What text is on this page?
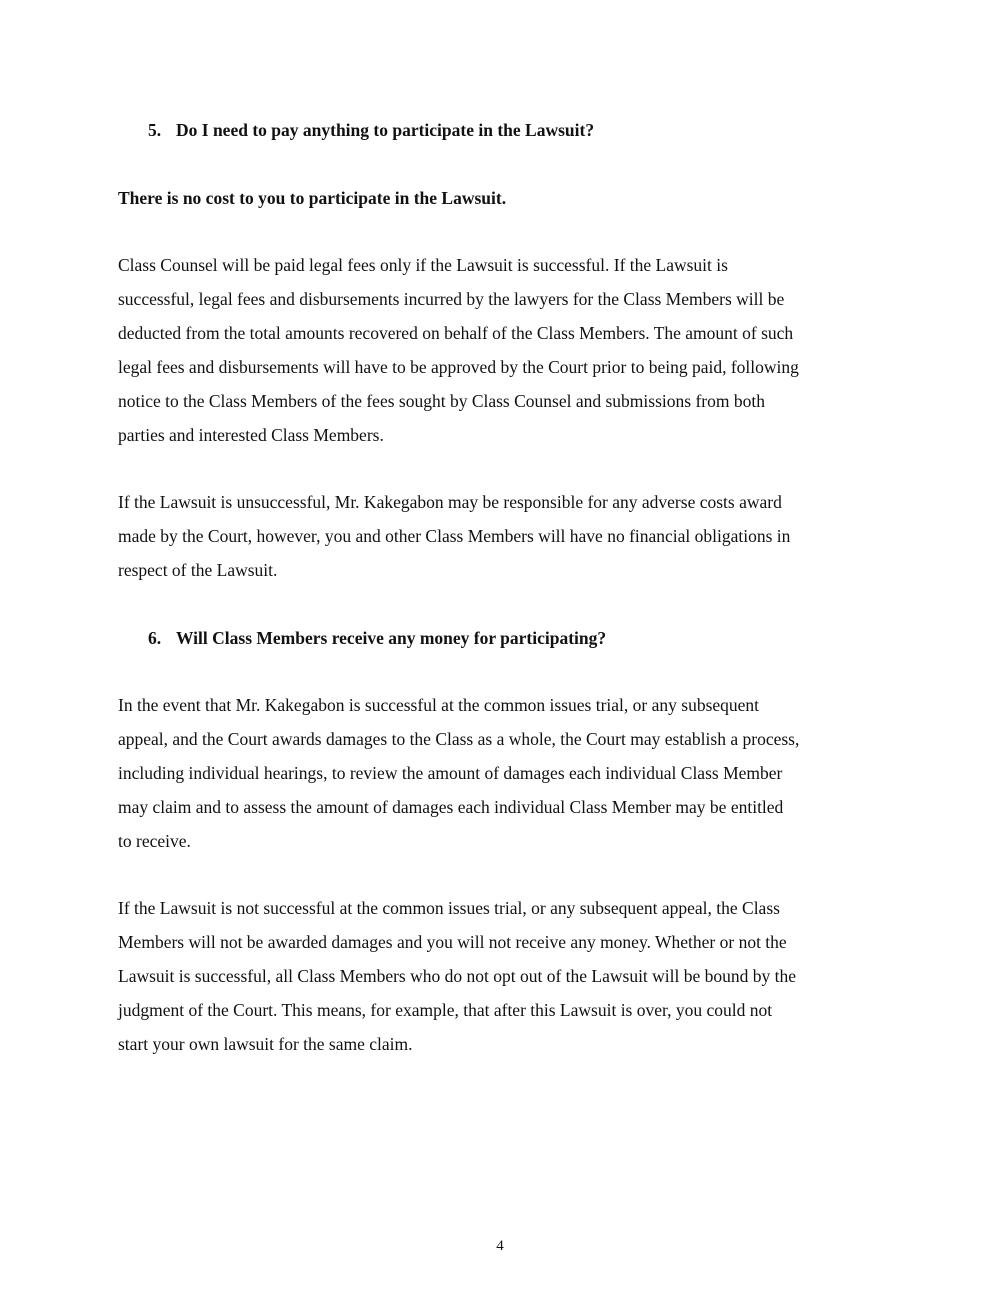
5. Do I need to pay anything to participate in the Lawsuit?

There is no cost to you to participate in the Lawsuit.

Class Counsel will be paid legal fees only if the Lawsuit is successful. If the Lawsuit is
successful, legal fees and disbursements incurred by the lawyers for the Class Members will be
deducted from the total amounts recovered on behalf of the Class Members. The amount of such
legal fees and disbursements will have to be approved by the Court prior to being paid, following
notice to the Class Members of the fees sought by Class Counsel and submissions from both
parties and interested Class Members.

If the Lawsuit is unsuccessful, Mr. Kakegabon may be responsible for any adverse costs award
made by the Court, however, you and other Class Members will have no financial obligations in
respect of the Lawsuit.

6. Will Class Members receive any money for participating?

In the event that Mr. Kakegabon is successful at the common issues trial, or any subsequent
appeal, and the Court awards damages to the Class as a whole, the Court may establish a process,
including individual hearings, to review the amount of damages each individual Class Member
may claim and to assess the amount of damages each individual Class Member may be entitled
to receive.

If the Lawsuit is not successful at the common issues trial, or any subsequent appeal, the Class
Members will not be awarded damages and you will not receive any money. Whether or not the
Lawsuit is successful, all Class Members who do not opt out of the Lawsuit will be bound by the
judgment of the Court. This means, for example, that after this Lawsuit is over, you could not
start your own lawsuit for the same claim.

4
